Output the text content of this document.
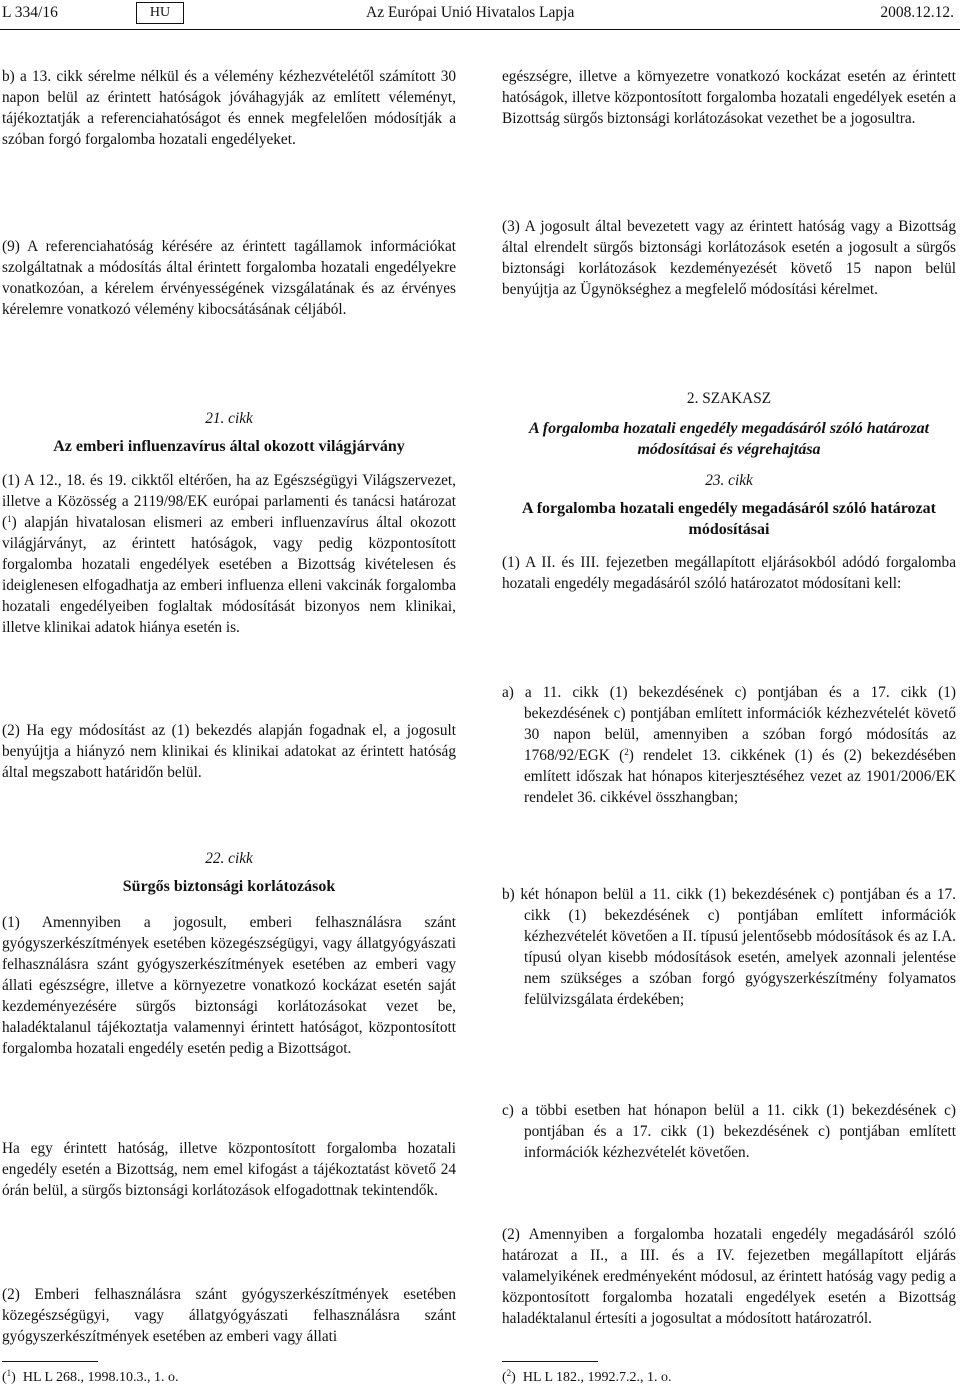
L 334/16	HU	Az Európai Unió Hivatalos Lapja	2008.12.12.

b) a 13. cikk sérelme nélkül és a vélemény kézhezvételétől számított 30 napon belül az érintett hatóságok jóváhagyják az említett véleményt, tájékoztatják a referenciahatóságot és ennek megfelelően módosítják a szóban forgó forgalomba hozatali engedélyeket.

(9) A referenciahatóság kérésére az érintett tagállamok információkat szolgáltatnak a módosítás által érintett forgalomba hozatali engedélyekre vonatkozóan, a kérelem érvényességének vizsgálatának és az érvényes kérelemre vonatkozó vélemény kibocsátásának céljából.

21. cikk
Az emberi influenzavírus által okozott világjárvány

(1) A 12., 18. és 19. cikktől eltérően, ha az Egészségügyi Világszervezet, illetve a Közösség a 2119/98/EK európai parlamenti és tanácsi határozat ($^1$) alapján hivatalosan elismeri az emberi influenzavírus által okozott világjárványt, az érintett hatóságok, vagy pedig központosított forgalomba hozatali engedélyek esetében a Bizottság kivételesen és ideiglenesen elfogadhatja az emberi influenza elleni vakcinák forgalomba hozatali engedélyeiben foglaltak módosítását bizonyos nem klinikai, illetve klinikai adatok hiánya esetén is.

(2) Ha egy módosítást az (1) bekezdés alapján fogadnak el, a jogosult benyújtja a hiányzó nem klinikai és klinikai adatokat az érintett hatóság által megszabott határidőn belül.

22. cikk
Sürgős biztonsági korlátozások

(1) Amennyiben a jogosult, emberi felhasználásra szánt gyógyszerkészítmények esetében közegészségügyi, vagy állatgyógyászati felhasználásra szánt gyógyszerkészítmények esetében az emberi vagy állati egészségre, illetve a környezetre vonatkozó kockázat esetén saját kezdeményezésére sürgős biztonsági korlátozásokat vezet be, haladéktalanul tájékoztatja valamennyi érintett hatóságot, központosított forgalomba hozatali engedély esetén pedig a Bizottságot.

Ha egy érintett hatóság, illetve központosított forgalomba hozatali engedély esetén a Bizottság, nem emel kifogást a tájékoztatást követő 24 órán belül, a sürgős biztonsági korlátozások elfogadottnak tekintendők.

(2) Emberi felhasználásra szánt gyógyszerkészítmények esetében közegészségügyi, vagy állatgyógyászati felhasználásra szánt gyógyszerkészítmények esetében az emberi vagy állati

($^1$)  HL L 268., 1998.10.3., 1. o.

egészségre, illetve a környezetre vonatkozó kockázat esetén az érintett hatóságok, illetve központosított forgalomba hozatali engedélyek esetén a Bizottság sürgős biztonsági korlátozásokat vezethet be a jogosultra.

(3) A jogosult által bevezetett vagy az érintett hatóság vagy a Bizottság által elrendelt sürgős biztonsági korlátozások esetén a jogosult a sürgős biztonsági korlátozások kezdeményezését követő 15 napon belül benyújtja az Ügynökséghez a megfelelő módosítási kérelmet.

2. SZAKASZ
A forgalomba hozatali engedély megadásáról szóló határozat módosításai és végrehajtása
23. cikk
A forgalomba hozatali engedély megadásáról szóló határozat módosításai

(1) A II. és III. fejezetben megállapított eljárásokból adódó forgalomba hozatali engedély megadásáról szóló határozatot módosítani kell:

a) a 11. cikk (1) bekezdésének c) pontjában és a 17. cikk (1) bekezdésének c) pontjában említett információk kézhezvételét követő 30 napon belül, amennyiben a szóban forgó módosítás az 1768/92/EGK ($^2$) rendelet 13. cikkének (1) és (2) bekezdésében említett időszak hat hónapos kiterjesztéséhez vezet az 1901/2006/EK rendelet 36. cikkével összhangban;

b) két hónapon belül a 11. cikk (1) bekezdésének c) pontjában és a 17. cikk (1) bekezdésének c) pontjában említett információk kézhezvételét követően a II. típusú jelentősebb módosítások és az I.A. típusú olyan kisebb módosítások esetén, amelyek azonnali jelentése nem szükséges a szóban forgó gyógyszerkészítmény folyamatos felülvizsgálata érdekében;

c) a többi esetben hat hónapon belül a 11. cikk (1) bekezdésének c) pontjában és a 17. cikk (1) bekezdésének c) pontjában említett információk kézhezvételét követően.

(2) Amennyiben a forgalomba hozatali engedély megadásáról szóló határozat a II., a III. és a IV. fejezetben megállapított eljárás valamelyikének eredményeként módosul, az érintett hatóság vagy pedig a központosított forgalomba hozatali engedélyek esetén a Bizottság haladéktalanul értesíti a jogosultat a módosított határozatról.

($^2$)  HL L 182., 1992.7.2., 1. o.
